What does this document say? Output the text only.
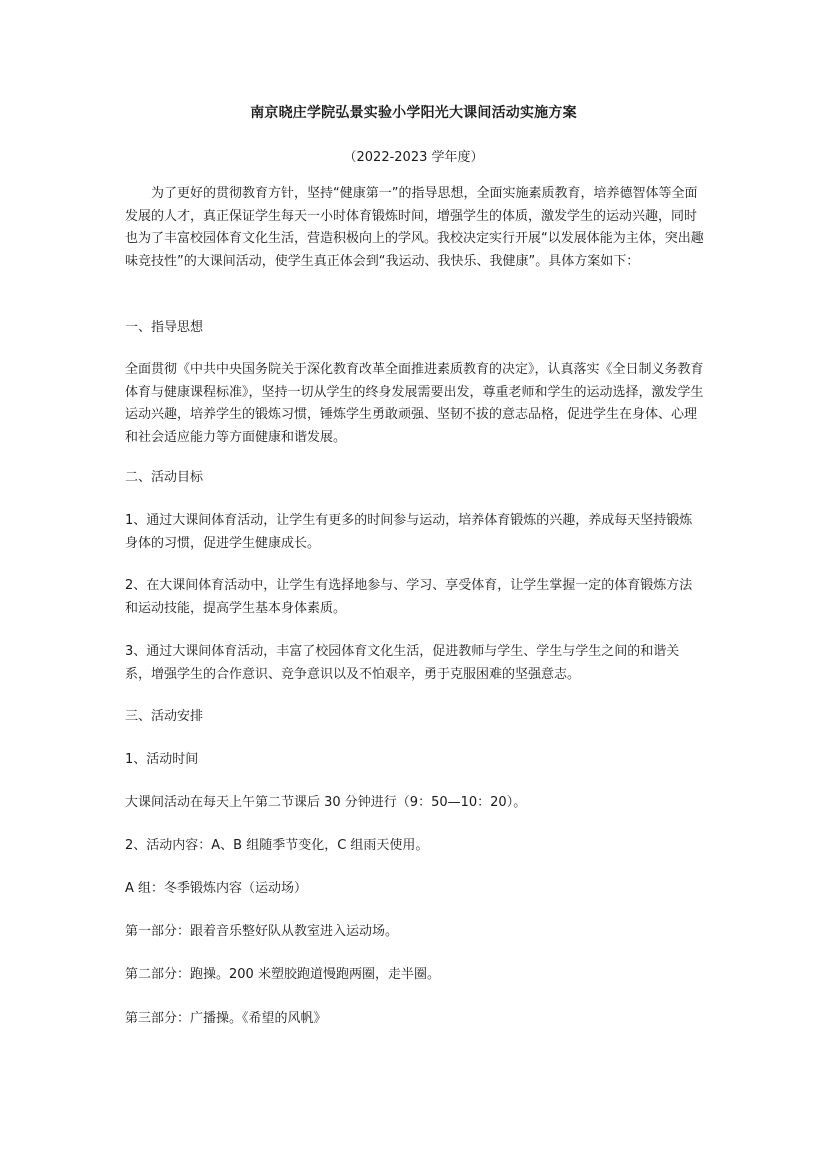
南京晓庄学院弘景实验小学阳光大课间活动实施方案
（2022-2023 学年度）

为了更好的贯彻教育方针，坚持“健康第一”的指导思想，全面实施素质教育，培养德智体等全面发展的人才，真正保证学生每天一小时体育锻炼时间，增强学生的体质，激发学生的运动兴趣，同时也为了丰富校园体育文化生活，营造积极向上的学风。我校决定实行开展“以发展体能为主体，突出趣味竞技性”的大课间活动，使学生真正体会到“我运动、我快乐、我健康”。具体方案如下：

一、指导思想

全面贯彻《中共中央国务院关于深化教育改革全面推进素质教育的决定》，认真落实《全日制义务教育体育与健康课程标准》，坚持一切从学生的终身发展需要出发，尊重老师和学生的运动选择，激发学生运动兴趣，培养学生的锻炼习惯，锤炼学生勇敢顽强、坚韧不拔的意志品格，促进学生在身体、心理和社会适应能力等方面健康和谐发展。

二、活动目标

1、通过大课间体育活动，让学生有更多的时间参与运动，培养体育锻炼的兴趣，养成每天坚持锻炼身体的习惯，促进学生健康成长。

2、在大课间体育活动中，让学生有选择地参与、学习、享受体育，让学生掌握一定的体育锻炼方法和运动技能，提高学生基本身体素质。

3、通过大课间体育活动，丰富了校园体育文化生活，促进教师与学生、学生与学生之间的和谐关系，增强学生的合作意识、竞争意识以及不怕艰辛，勇于克服困难的坚强意志。

三、活动安排

1、活动时间

大课间活动在每天上午第二节课后 30 分钟进行（9：50—10：20）。

2、活动内容：A、B 组随季节变化，C 组雨天使用。

A 组：冬季锻炼内容（运动场）

第一部分：跟着音乐整好队从教室进入运动场。

第二部分：跑操。200 米塑胶跑道慢跑两圈，走半圈。

第三部分：广播操。《希望的风帆》
